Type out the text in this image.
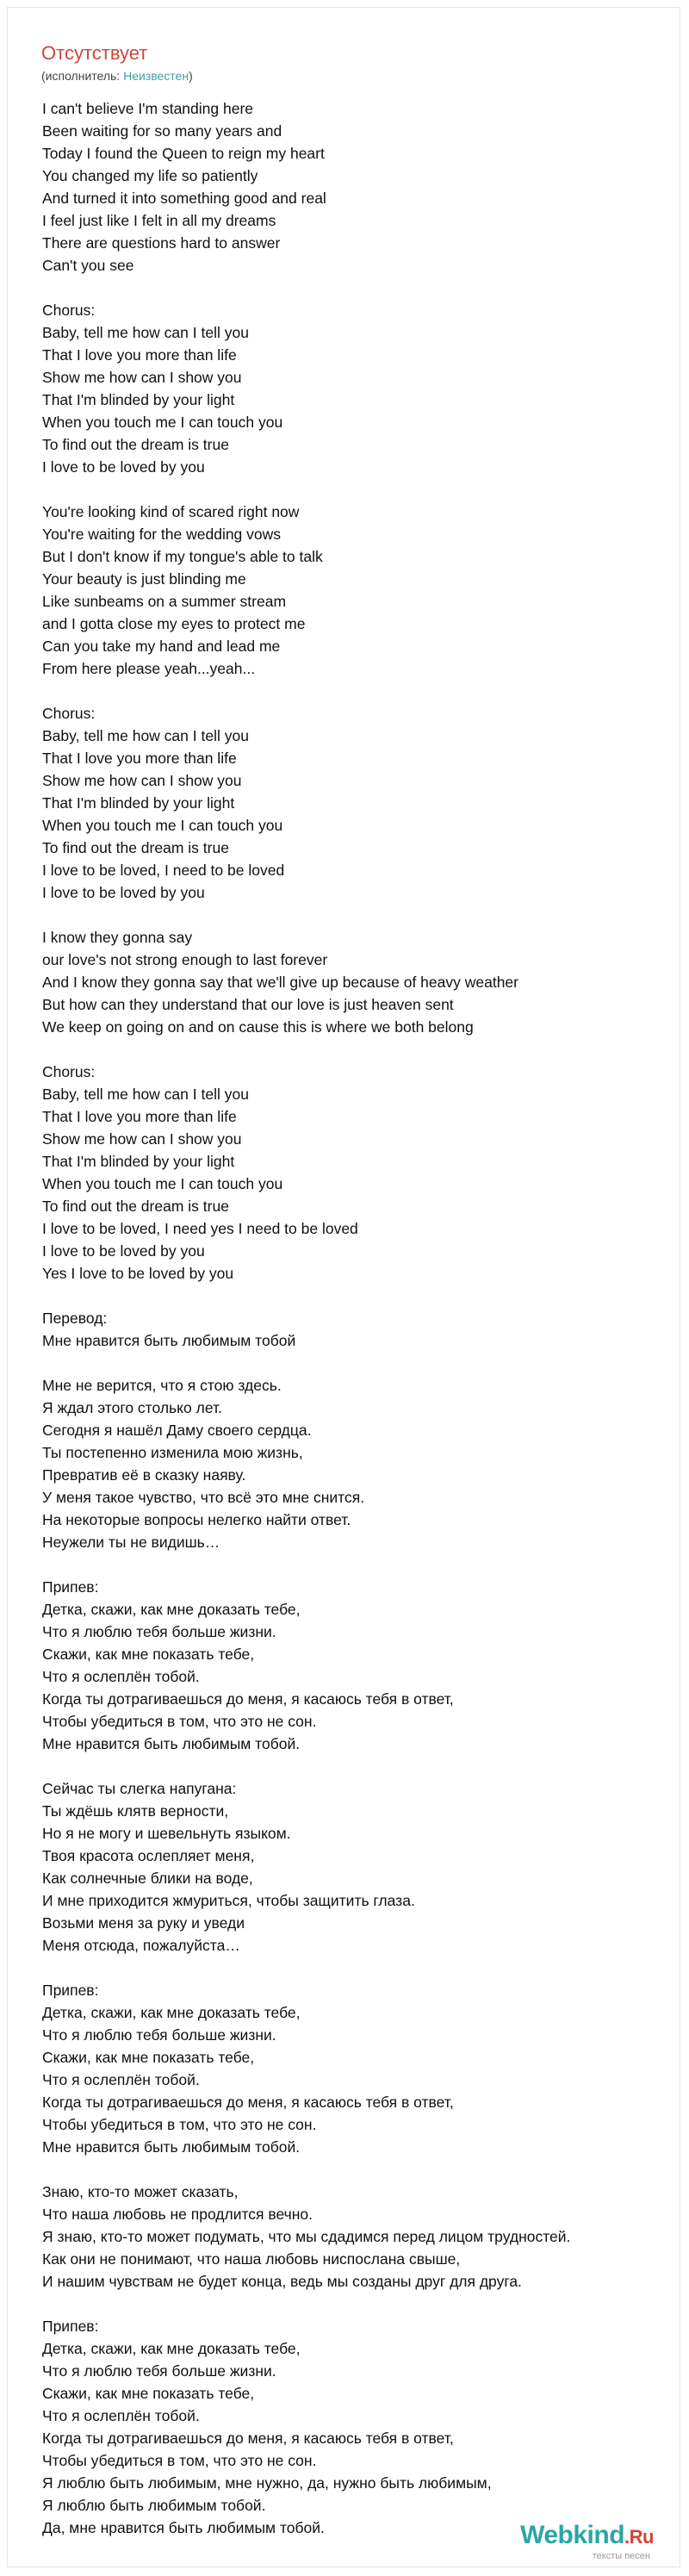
Отсутствует
(исполнитель: Неизвестен)
I can't believe I'm standing here
Been waiting for so many years and
Today I found the Queen to reign my heart
You changed my life so patiently
And turned it into something good and real
I feel just like I felt in all my dreams
There are questions hard to answer
Can't you see
Chorus:
Baby, tell me how can I tell you
That I love you more than life
Show me how can I show you
That I'm blinded by your light
When you touch me I can touch you
To find out the dream is true
I love to be loved by you
You're looking kind of scared right now
You're waiting for the wedding vows
But I don't know if my tongue's able to talk
Your beauty is just blinding me
Like sunbeams on a summer stream
and I gotta close my eyes to protect me
Can you take my hand and lead me
From here please yeah...yeah...
Chorus:
Baby, tell me how can I tell you
That I love you more than life
Show me how can I show you
That I'm blinded by your light
When you touch me I can touch you
To find out the dream is true
I love to be loved, I need to be loved
I love to be loved by you
I know they gonna say
our love's not strong enough to last forever
And I know they gonna say that we'll give up because of heavy weather
But how can they understand that our love is just heaven sent
We keep on going on and on cause this is where we both belong
Chorus:
Baby, tell me how can I tell you
That I love you more than life
Show me how can I show you
That I'm blinded by your light
When you touch me I can touch you
To find out the dream is true
I love to be loved, I need yes I need to be loved
I love to be loved by you
Yes I love to be loved by you
Перевод:
Мне нравится быть любимым тобой
Мне не верится, что я стою здесь.
Я ждал этого столько лет.
Сегодня я нашёл Даму своего сердца.
Ты постепенно изменила мою жизнь,
Превратив её в сказку наяву.
У меня такое чувство, что всё это мне снится.
На некоторые вопросы нелегко найти ответ.
Неужели ты не видишь…
Припев:
Детка, скажи, как мне доказать тебе,
Что я люблю тебя больше жизни.
Скажи, как мне показать тебе,
Что я ослеплён тобой.
Когда ты дотрагиваешься до меня, я касаюсь тебя в ответ,
Чтобы убедиться в том, что это не сон.
Мне нравится быть любимым тобой.
Сейчас ты слегка напугана:
Ты ждёшь клятв верности,
Но я не могу и шевельнуть языком.
Твоя красота ослепляет меня,
Как солнечные блики на воде,
И мне приходится жмуриться, чтобы защитить глаза.
Возьми меня за руку и уведи
Меня отсюда, пожалуйста…
Припев:
Детка, скажи, как мне доказать тебе,
Что я люблю тебя больше жизни.
Скажи, как мне показать тебе,
Что я ослеплён тобой.
Когда ты дотрагиваешься до меня, я касаюсь тебя в ответ,
Чтобы убедиться в том, что это не сон.
Мне нравится быть любимым тобой.
Знаю, кто-то может сказать,
Что наша любовь не продлится вечно.
Я знаю, кто-то может подумать, что мы сдадимся перед лицом трудностей.
Как они не понимают, что наша любовь ниспослана свыше,
И нашим чувствам не будет конца, ведь мы созданы друг для друга.
Припев:
Детка, скажи, как мне доказать тебе,
Что я люблю тебя больше жизни.
Скажи, как мне показать тебе,
Что я ослеплён тобой.
Когда ты дотрагиваешься до меня, я касаюсь тебя в ответ,
Чтобы убедиться в том, что это не сон.
Я люблю быть любимым, мне нужно, да, нужно быть любимым,
Я люблю быть любимым тобой.
Да, мне нравится быть любимым тобой.	Webkind.Ru
тексты песен
